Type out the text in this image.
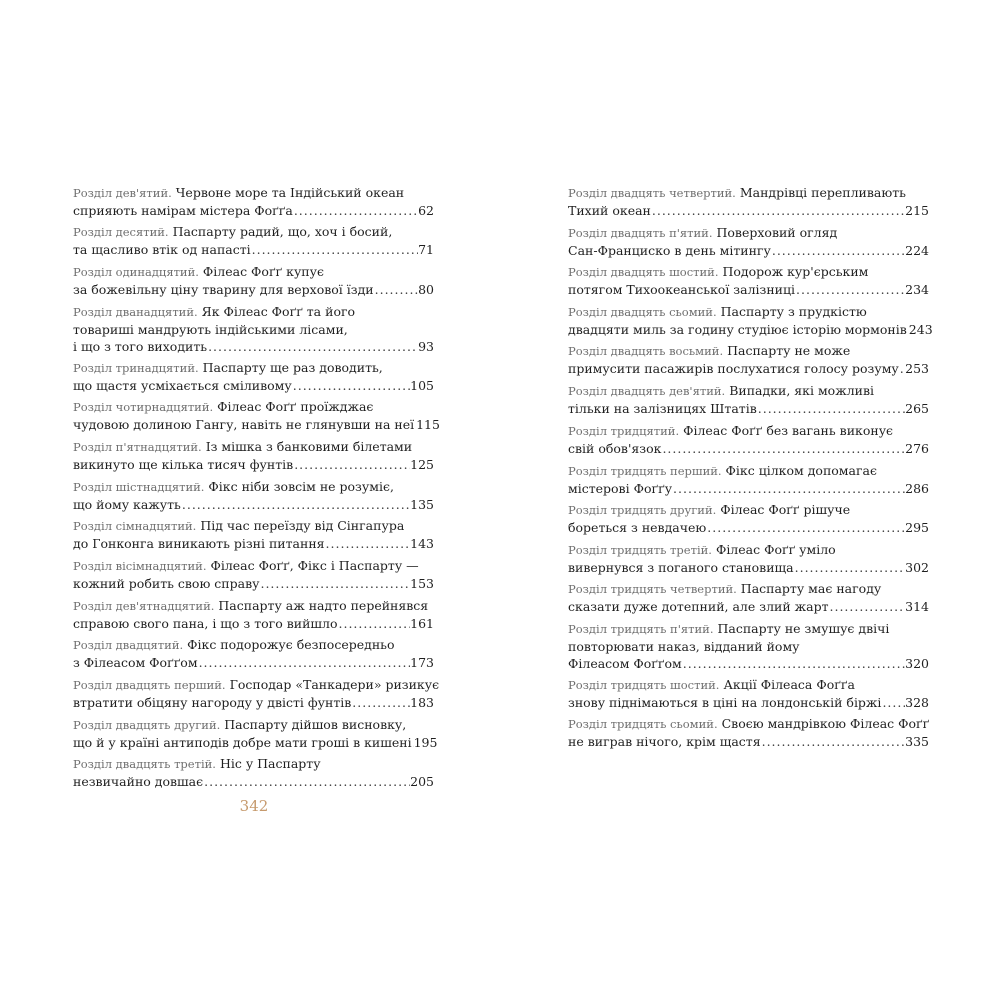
Розділ дев'ятий. Червоне море та Індійський океан
сприяють намірам містера Фоґґа .....	62
Розділ десятий. Паспарту радий, що, хоч і босий,
та щасливо втік од напасті .....	71
Розділ одинадцятий. Філеас Фоґґ купує
за божевільну ціну тварину для верхової їзди .....	80
Розділ дванадцятий. Як Філеас Фоґґ та його
товариші мандрують індійськими лісами,
і що з того виходить .....	93
Розділ тринадцятий. Паспарту ще раз доводить,
що щастя усміхається сміливому .....	105
Розділ чотирнадцятий. Філеас Фоґґ проїжджає
чудовою долиною Гангу, навіть не глянувши на неї ..... 115
Розділ п'ятнадцятий. Із мішка з банковими білетами
викинуто ще кілька тисяч фунтів .....	125
Розділ шістнадцятий. Фікс ніби зовсім не розуміє,
що йому кажуть .....	135
Розділ сімнадцятий. Під час переїзду від Сінгапура
до Гонконга виникають різні питання .....	143
Розділ вісімнадцятий. Філеас Фоґґ, Фікс і Паспарту —
кожний робить свою справу .....	153
Розділ дев'ятнадцятий. Паспарту аж надто перейнявся
справою свого пана, і що з того вийшло .....	161
Розділ двадцятий. Фікс подорожує безпосередньо
з Філеасом Фоґґом .....	173
Розділ двадцять перший. Господар «Танкадери» ризикує
втратити обіцяну нагороду у двісті фунтів .....	183
Розділ двадцять другий. Паспарту дійшов висновку,
що й у країні антиподів добре мати гроші в кишені ..... 195
Розділ двадцять третій. Ніс у Паспарту
незвичайно довшає .....	205
Розділ двадцять четвертий. Мандрівці перепливають
Тихий океан .....	215
Розділ двадцять п'ятий. Поверховий огляд
Сан-Франциско в день мітингу .....	224
Розділ двадцять шостий. Подорож кур'єрським
потягом Тихоокеанської залізниці .....	234
Розділ двадцять сьомий. Паспарту з прудкістю
двадцяти миль за годину студіює історію мормонів ..... 243
Розділ двадцять восьмий. Паспарту не може
примусити пасажирів послухатися голосу розуму ..... 253
Розділ двадцять дев'ятий. Випадки, які можливі
тільки на залізницях Штатів .....	265
Розділ тридцятий. Філеас Фоґґ без вагань виконує
свій обов'язок .....	276
Розділ тридцять перший. Фікс цілком допомагає
містерові Фоґґу .....	286
Розділ тридцять другий. Філеас Фоґґ рішуче
бореться з невдачею .....	295
Розділ тридцять третій. Філеас Фоґґ уміло
вивернувся з поганого становища .....	302
Розділ тридцять четвертий. Паспарту має нагоду
сказати дуже дотепний, але злий жарт .....	314
Розділ тридцять п'ятий. Паспарту не змушує двічі
повторювати наказ, відданий йому
Філеасом Фоґґом .....	320
Розділ тридцять шостий. Акції Філеаса Фоґґа
знову піднімаються в ціні на лондонській біржі ..... 328
Розділ тридцять сьомий. Своєю мандрівкою Філеас Фоґґ
не виграв нічого, крім щастя .....	335
342
